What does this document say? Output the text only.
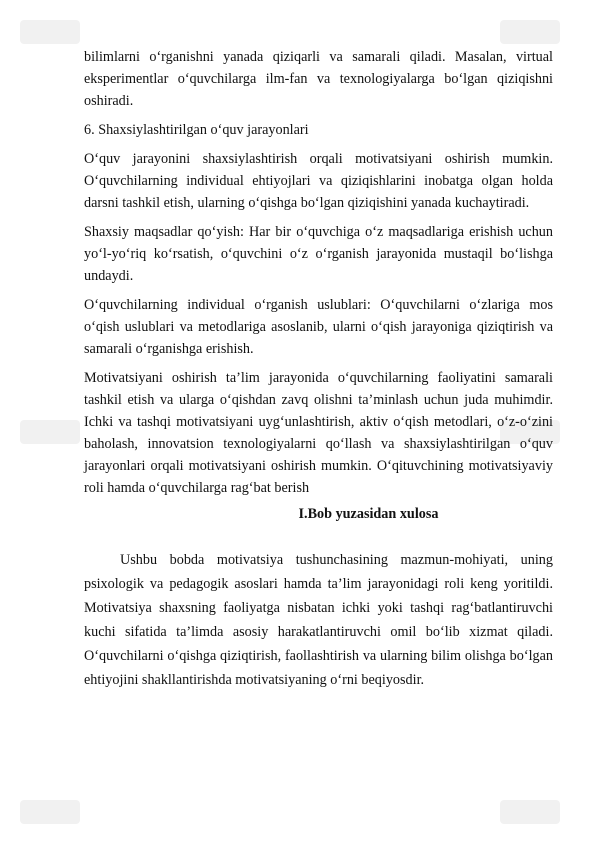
bilimlarni o‘rganishni yanada qiziqarli va samarali qiladi. Masalan, virtual eksperimentlar o‘quvchilarga ilm-fan va texnologiyalarga bo‘lgan qiziqishni oshiradi.

6. Shaxsiylashtirilgan o‘quv jarayonlari

O‘quv jarayonini shaxsiylashtirish orqali motivatsiyani oshirish mumkin. O‘quvchilarning individual ehtiyojlari va qiziqishlarini inobatga olgan holda darsni tashkil etish, ularning o‘qishga bo‘lgan qiziqishini yanada kuchaytiradi.

Shaxsiy maqsadlar qo‘yish: Har bir o‘quvchiga o‘z maqsadlariga erishish uchun yo‘l-yo‘riq ko‘rsatish, o‘quvchini o‘z o‘rganish jarayonida mustaqil bo‘lishga undaydi.

O‘quvchilarning individual o‘rganish uslublari: O‘quvchilarni o‘zlariga mos o‘qish uslublari va metodlariga asoslanib, ularni o‘qish jarayoniga qiziqtirish va samarali o‘rganishga erishish.

Motivatsiyani oshirish ta’lim jarayonida o‘quvchilarning faoliyatini samarali tashkil etish va ularga o‘qishdan zavq olishni ta’minlash uchun juda muhimdir. Ichki va tashqi motivatsiyani uyg‘unlashtirish, aktiv o‘qish metodlari, o‘z-o‘zini baholash, innovatsion texnologiyalarni qo‘llash va shaxsiylashtirilgan o‘quv jarayonlari orqali motivatsiyani oshirish mumkin. O‘qituvchining motivatsiyaviy roli hamda o‘quvchilarga rag‘bat berish

I.Bob yuzasidan xulosa

Ushbu bobda motivatsiya tushunchasining mazmun-mohiyati, uning psixologik va pedagogik asoslari hamda ta’lim jarayonidagi roli keng yoritildi. Motivatsiya shaxsning faoliyatga nisbatan ichki yoki tashqi rag‘batlantiruvchi kuchi sifatida ta’limda asosiy harakatlantiruvchi omil bo‘lib xizmat qiladi. O‘quvchilarni o‘qishga qiziqtirish, faollashtirish va ularning bilim olishga bo‘lgan ehtiyojini shakllantirishda motivatsiyaning o‘rni beqiyosdir.
